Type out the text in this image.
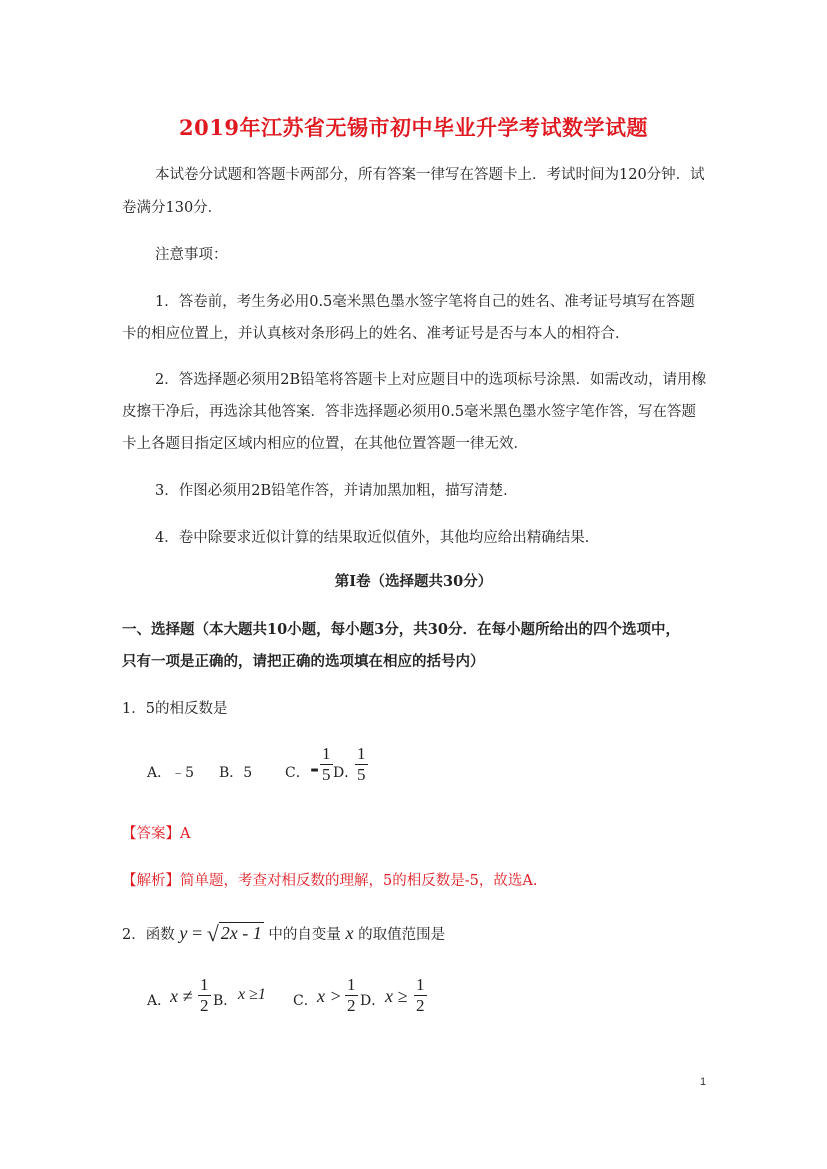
2019年江苏省无锡市初中毕业升学考试数学试题
本试卷分试题和答题卡两部分，所有答案一律写在答题卡上．考试时间为120分钟．试
卷满分130分．
注意事项：
1．答卷前，考生务必用0.5毫米黑色墨水签字笔将自己的姓名、准考证号填写在答题
卡的相应位置上，并认真核对条形码上的姓名、准考证号是否与本人的相符合．
2．答选择题必须用2B铅笔将答题卡上对应题目中的选项标号涂黑．如需改动，请用橡
皮擦干净后，再选涂其他答案．答非选择题必须用0.5毫米黑色墨水签字笔作答，写在答题
卡上各题目指定区域内相应的位置，在其他位置答题一律无效．
3．作图必须用2B铅笔作答，并请加黑加粗，描写清楚．
4．卷中除要求近似计算的结果取近似值外，其他均应给出精确结果．
第Ⅰ卷（选择题共30分）
一、选择题（本大题共10小题，每小题3分，共30分．在每小题所给出的四个选项中，
只有一项是正确的，请把正确的选项填在相应的括号内）
1．5的相反数是
A．﹣5 B．5 C． - $\frac{1}{5}$ D．
$\frac{1}{5}$
【答案】A
【解析】简单题，考查对相反数的理解，5的相反数是-5，故选A.
2．函数 y = √ 2x - 1 中的自变量 x 的取值范围是
A．
$x \ne \frac{1}{2}$ B． x ≥1 C． $x > \frac{1}{2}$ D． $x \ge \frac{1}{2}$
1
